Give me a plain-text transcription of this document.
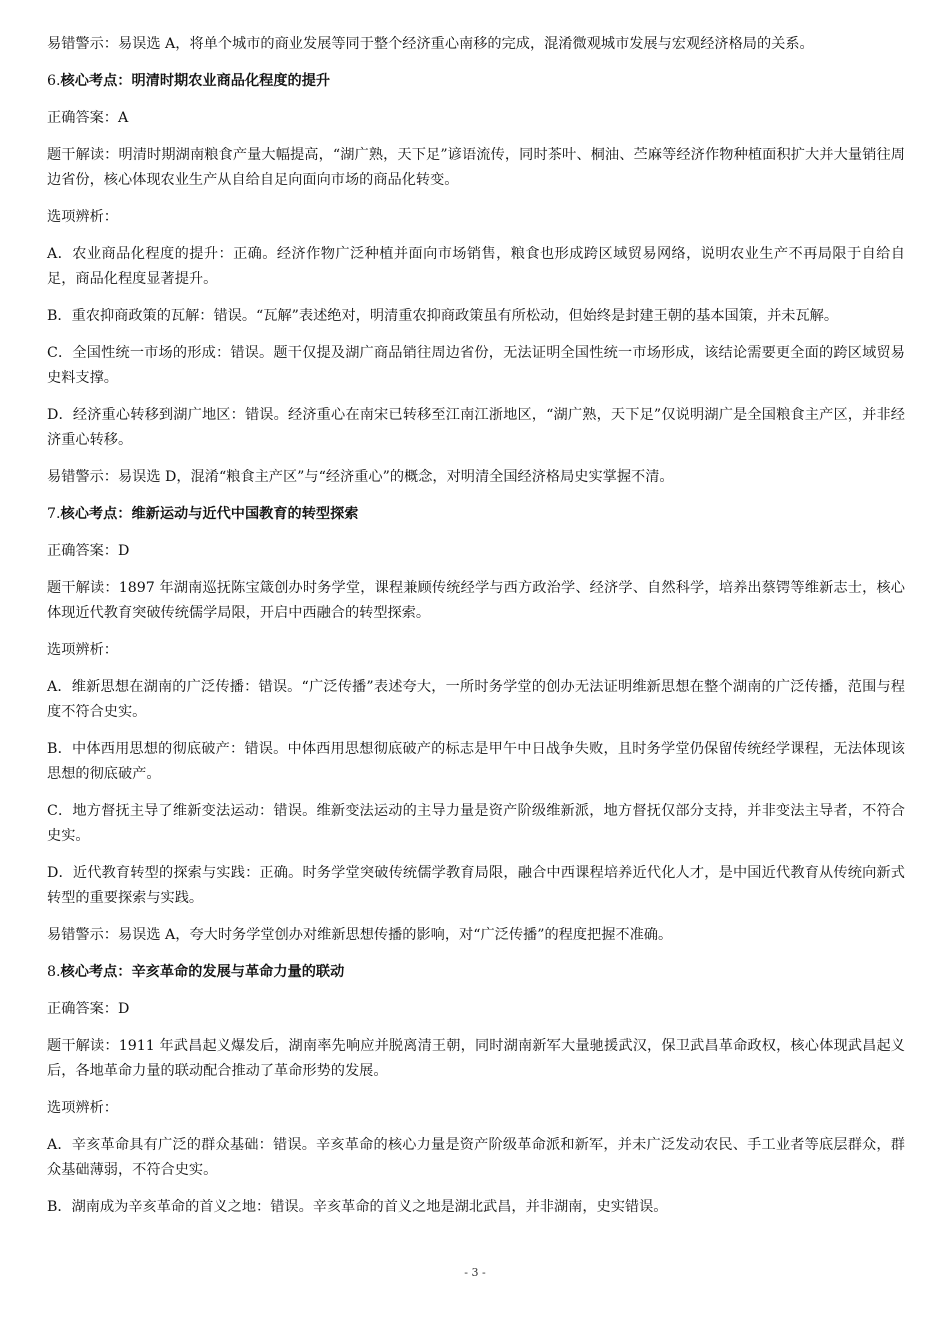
易错警示：易误选 A，将单个城市的商业发展等同于整个经济重心南移的完成，混淆微观城市发展与宏观经济格局的关系。

6.核心考点：明清时期农业商品化程度的提升

正确答案：A

题干解读：明清时期湖南粮食产量大幅提高，“湖广熟，天下足”谚语流传，同时茶叶、桐油、苎麻等经济作物种植面积扩大并大量销往周边省份，核心体现农业生产从自给自足向面向市场的商品化转变。

选项辨析：

A．农业商品化程度的提升：正确。经济作物广泛种植并面向市场销售，粮食也形成跨区域贸易网络，说明农业生产不再局限于自给自足，商品化程度显著提升。

B．重农抑商政策的瓦解：错误。“瓦解”表述绝对，明清重农抑商政策虽有所松动，但始终是封建王朝的基本国策，并未瓦解。

C．全国性统一市场的形成：错误。题干仅提及湖广商品销往周边省份，无法证明全国性统一市场形成，该结论需要更全面的跨区域贸易史料支撑。

D．经济重心转移到湖广地区：错误。经济重心在南宋已转移至江南江浙地区，“湖广熟，天下足”仅说明湖广是全国粮食主产区，并非经济重心转移。

易错警示：易误选 D，混淆“粮食主产区”与“经济重心”的概念，对明清全国经济格局史实掌握不清。

7.核心考点：维新运动与近代中国教育的转型探索

正确答案：D

题干解读：1897 年湖南巡抚陈宝箴创办时务学堂，课程兼顾传统经学与西方政治学、经济学、自然科学，培养出蔡锷等维新志士，核心体现近代教育突破传统儒学局限，开启中西融合的转型探索。

选项辨析：

A．维新思想在湖南的广泛传播：错误。“广泛传播”表述夸大，一所时务学堂的创办无法证明维新思想在整个湖南的广泛传播，范围与程度不符合史实。

B．中体西用思想的彻底破产：错误。中体西用思想彻底破产的标志是甲午中日战争失败，且时务学堂仍保留传统经学课程，无法体现该思想的彻底破产。

C．地方督抚主导了维新变法运动：错误。维新变法运动的主导力量是资产阶级维新派，地方督抚仅部分支持，并非变法主导者，不符合史实。

D．近代教育转型的探索与实践：正确。时务学堂突破传统儒学教育局限，融合中西课程培养近代化人才，是中国近代教育从传统向新式转型的重要探索与实践。

易错警示：易误选 A，夸大时务学堂创办对维新思想传播的影响，对“广泛传播”的程度把握不准确。

8.核心考点：辛亥革命的发展与革命力量的联动

正确答案：D

题干解读：1911 年武昌起义爆发后，湖南率先响应并脱离清王朝，同时湖南新军大量驰援武汉，保卫武昌革命政权，核心体现武昌起义后，各地革命力量的联动配合推动了革命形势的发展。

选项辨析：

A．辛亥革命具有广泛的群众基础：错误。辛亥革命的核心力量是资产阶级革命派和新军，并未广泛发动农民、手工业者等底层群众，群众基础薄弱，不符合史实。

B．湖南成为辛亥革命的首义之地：错误。辛亥革命的首义之地是湖北武昌，并非湖南，史实错误。

- 3 -
